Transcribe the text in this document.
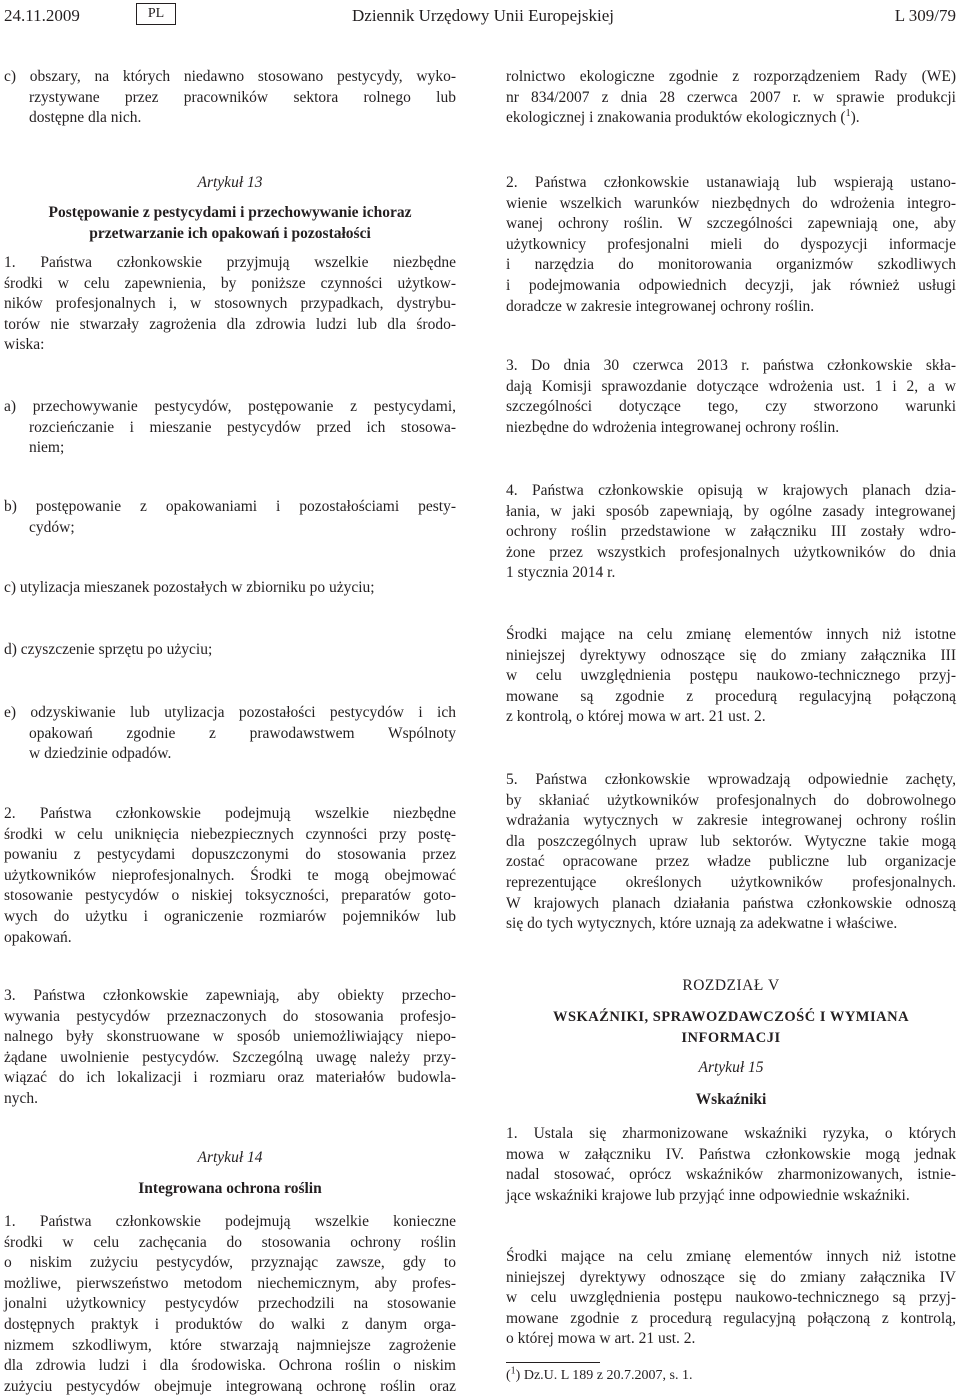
24.11.2009	PL	Dziennik Urzędowy Unii Europejskiej	L 309/79
c) obszary, na których niedawno stosowano pestycydy, wyko-
rzystywane przez pracowników sektora rolnego lub
dostępne dla nich.
Artykuł 13
Postępowanie z pestycydami i przechowywanie ichoraz
przetwarzanie ich opakowań i pozostałości
1. Państwa członkowskie przyjmują wszelkie niezbędne
środki w celu zapewnienia, by poniższe czynności użytkow-
ników profesjonalnych i, w stosownych przypadkach, dystrybu-
torów nie stwarzały zagrożenia dla zdrowia ludzi lub dla środo-
wiska:
a) przechowywanie pestycydów, postępowanie z pestycydami,
rozcieńczanie i mieszanie pestycydów przed ich stosowa-
niem;
b) postępowanie z opakowaniami i pozostałościami pesty-
cydów;
c) utylizacja mieszanek pozostałych w zbiorniku po użyciu;
d) czyszczenie sprzętu po użyciu;
e) odzyskiwanie lub utylizacja pozostałości pestycydów i ich
opakowań zgodnie z prawodawstwem Wspólnoty
w dziedzinie odpadów.
2. Państwa członkowskie podejmują wszelkie niezbędne
środki w celu uniknięcia niebezpiecznych czynności przy postę-
powaniu z pestycydami dopuszczonymi do stosowania przez
użytkowników nieprofesjonalnych. Środki te mogą obejmować
stosowanie pestycydów o niskiej toksyczności, preparatów goto-
wych do użytku i ograniczenie rozmiarów pojemników lub
opakowań.
3. Państwa członkowskie zapewniają, aby obiekty przecho-
wywania pestycydów przeznaczonych do stosowania profesjo-
nalnego były skonstruowane w sposób uniemożliwiający niepo-
żądane uwolnienie pestycydów. Szczególną uwagę należy przy-
wiązać do ich lokalizacji i rozmiaru oraz materiałów budowla-
nych.
Artykuł 14
Integrowana ochrona roślin
1. Państwa członkowskie podejmują wszelkie konieczne
środki w celu zachęcania do stosowania ochrony roślin
o niskim zużyciu pestycydów, przyznając zawsze, gdy to
możliwe, pierwszeństwo metodom niechemicznym, aby profes-
jonalni użytkownicy pestycydów przechodzili na stosowanie
dostępnych praktyk i produktów do walki z danym orga-
nizmem szkodliwym, które stwarzają najmniejsze zagrożenie
dla zdrowia ludzi i dla środowiska. Ochrona roślin o niskim
zużyciu pestycydów obejmuje integrowaną ochronę roślin oraz
rolnictwo ekologiczne zgodnie z rozporządzeniem Rady (WE)
nr 834/2007 z dnia 28 czerwca 2007 r. w sprawie produkcji
ekologicznej i znakowania produktów ekologicznych ($^1$).
2. Państwa członkowskie ustanawiają lub wspierają ustano-
wienie wszelkich warunków niezbędnych do wdrożenia integro-
wanej ochrony roślin. W szczególności zapewniają one, aby
użytkownicy profesjonalni mieli do dyspozycji informacje
i narzędzia do monitorowania organizmów szkodliwych
i podejmowania odpowiednich decyzji, jak również usługi
doradcze w zakresie integrowanej ochrony roślin.
3. Do dnia 30 czerwca 2013 r. państwa członkowskie skła-
dają Komisji sprawozdanie dotyczące wdrożenia ust. 1 i 2, a w
szczególności dotyczące tego, czy stworzono warunki
niezbędne do wdrożenia integrowanej ochrony roślin.
4. Państwa członkowskie opisują w krajowych planach dzia-
łania, w jaki sposób zapewniają, by ogólne zasady integrowanej
ochrony roślin przedstawione w załączniku III zostały wdro-
żone przez wszystkich profesjonalnych użytkowników do dnia
1 stycznia 2014 r.
Środki mające na celu zmianę elementów innych niż istotne
niniejszej dyrektywy odnoszące się do zmiany załącznika III
w celu uwzględnienia postępu naukowo-technicznego przyj-
mowane są zgodnie z procedurą regulacyjną połączoną
z kontrolą, o której mowa w art. 21 ust. 2.
5. Państwa członkowskie wprowadzają odpowiednie zachęty,
by skłaniać użytkowników profesjonalnych do dobrowolnego
wdrażania wytycznych w zakresie integrowanej ochrony roślin
dla poszczególnych upraw lub sektorów. Wytyczne takie mogą
zostać opracowane przez władze publiczne lub organizacje
reprezentujące określonych użytkowników profesjonalnych.
W krajowych planach działania państwa członkowskie odnoszą
się do tych wytycznych, które uznają za adekwatne i właściwe.
ROZDZIAŁ V
WSKAŹNIKI, SPRAWOZDAWCZOŚĆ I WYMIANA
INFORMACJI
Artykuł 15
Wskaźniki
1. Ustala się zharmonizowane wskaźniki ryzyka, o których
mowa w załączniku IV. Państwa członkowskie mogą jednak
nadal stosować, oprócz wskaźników zharmonizowanych, istnie-
jące wskaźniki krajowe lub przyjąć inne odpowiednie wskaźniki.
Środki mające na celu zmianę elementów innych niż istotne
niniejszej dyrektywy odnoszące się do zmiany załącznika IV
w celu uwzględnienia postępu naukowo-technicznego są przyj-
mowane zgodnie z procedurą regulacyjną połączoną z kontrolą,
o której mowa w art. 21 ust. 2.
($^1$) Dz.U. L 189 z 20.7.2007, s. 1.
